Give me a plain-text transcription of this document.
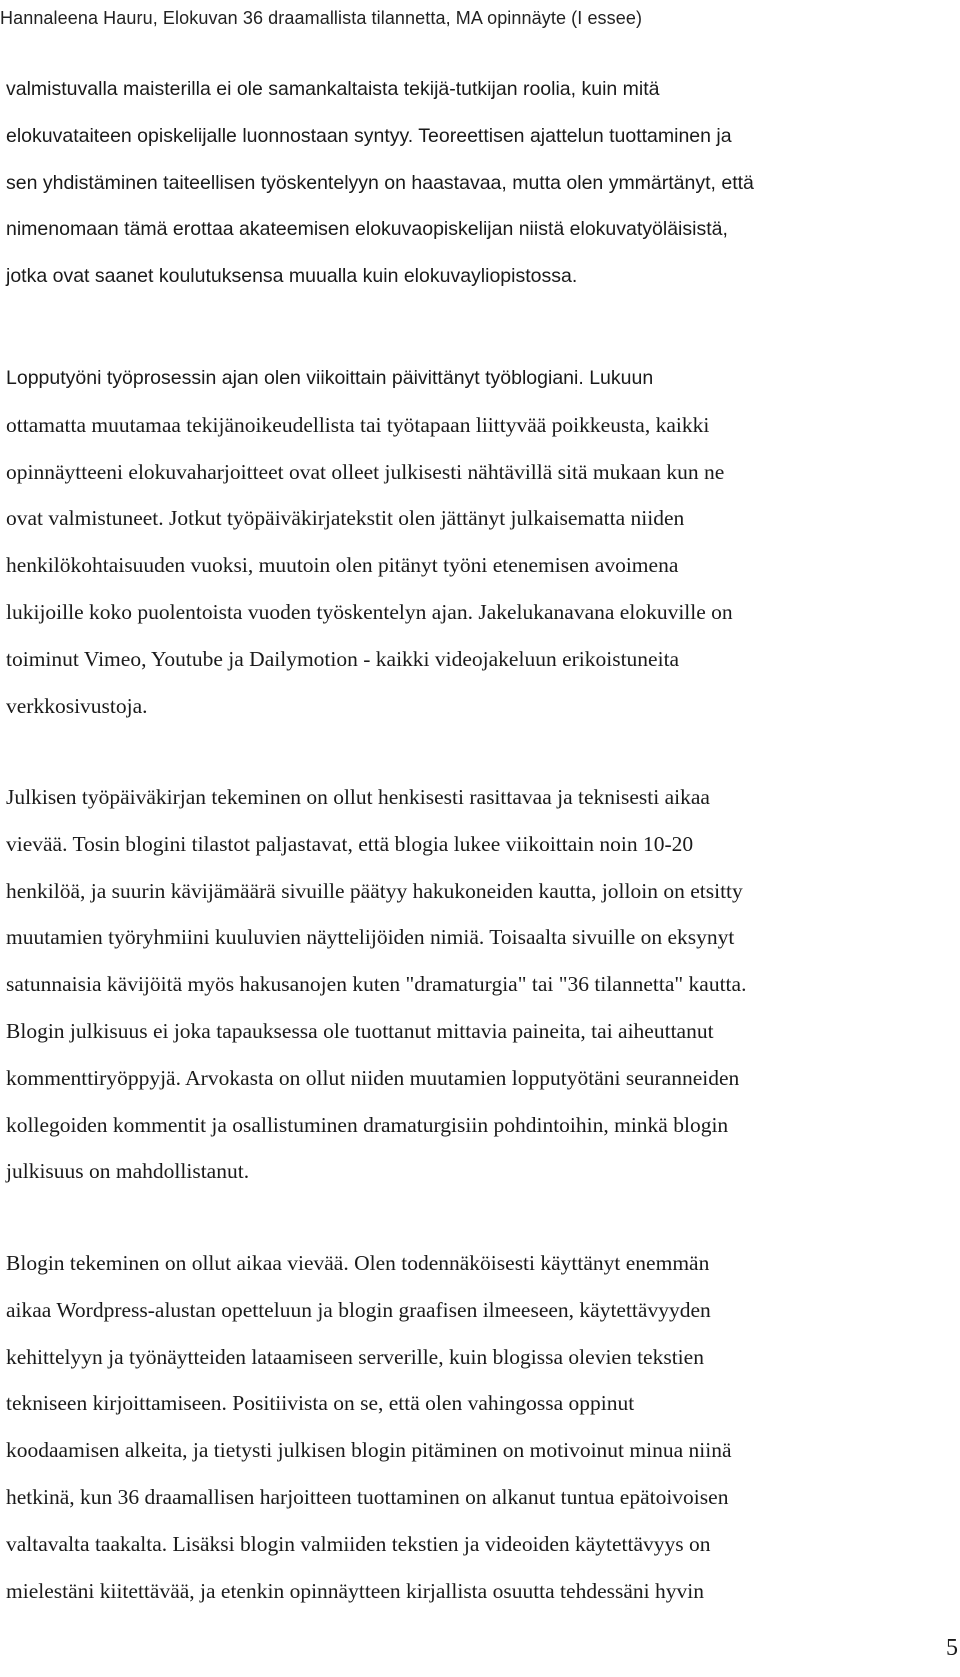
Hannaleena Hauru, Elokuvan 36 draamallista tilannetta, MA opinnäyte (I essee)
valmistuvalla maisterilla ei ole samankaltaista tekijä-tutkijan roolia, kuin mitä
elokuvataiteen opiskelijalle luonnostaan syntyy. Teoreettisen ajattelun tuottaminen ja
sen yhdistäminen taiteellisen työskentelyyn on haastavaa, mutta olen ymmärtänyt, että
nimenomaan tämä erottaa akateemisen elokuvaopiskelijan niistä elokuvatyöläisistä,
jotka ovat saanet koulutuksensa muualla kuin elokuvayliopistossa.
Lopputyöni työprosessin ajan olen viikoittain päivittänyt työblogiani. Lukuun
ottamatta muutamaa tekijänoikeudellista tai työtapaan liittyvää poikkeusta, kaikki
opinnäytteeni elokuvaharjoitteet ovat olleet julkisesti nähtävillä sitä mukaan kun ne
ovat valmistuneet. Jotkut työpäiväkirjatekstit olen jättänyt julkaisematta niiden
henkilökohtaisuuden vuoksi, muutoin olen pitänyt työni etenemisen avoimena
lukijoille koko puolentoista vuoden työskentelyn ajan. Jakelukanavana elokuville on
toiminut Vimeo, Youtube ja Dailymotion - kaikki videojakeluun erikoistuneita
verkkosivustoja.
Julkisen työpäiväkirjan tekeminen on ollut henkisesti rasittavaa ja teknisesti aikaa
vievää. Tosin blogini tilastot paljastavat, että blogia lukee viikoittain noin 10-20
henkilöä, ja suurin kävijämäärä sivuille päätyy hakukoneiden kautta, jolloin on etsitty
muutamien työryhmiini kuuluvien näyttelijöiden nimiä. Toisaalta sivuille on eksynyt
satunnaisia kävijöitä myös hakusanojen kuten "dramaturgia" tai "36 tilannetta" kautta.
Blogin julkisuus ei joka tapauksessa ole tuottanut mittavia paineita, tai aiheuttanut
kommenttiryöppyjä. Arvokasta on ollut niiden muutamien lopputyötäni seuranneiden
kollegoiden kommentit ja osallistuminen dramaturgisiin pohdintoihin, minkä blogin
julkisuus on mahdollistanut.
Blogin tekeminen on ollut aikaa vievää. Olen todennäköisesti käyttänyt enemmän
aikaa Wordpress-alustan opetteluun ja blogin graafisen ilmeeseen, käytettävyyden
kehittelyyn ja työnäytteiden lataamiseen serverille, kuin blogissa olevien tekstien
tekniseen kirjoittamiseen. Positiivista on se, että olen vahingossa oppinut
koodaamisen alkeita, ja tietysti julkisen blogin pitäminen on motivoinut minua niinä
hetkinä, kun 36 draamallisen harjoitteen tuottaminen on alkanut tuntua epätoivoisen
valtavalta taakalta. Lisäksi blogin valmiiden tekstien ja videoiden käytettävyys on
mielestäni kiitettävää, ja etenkin opinnäytteen kirjallista osuutta tehdessäni hyvin
5
